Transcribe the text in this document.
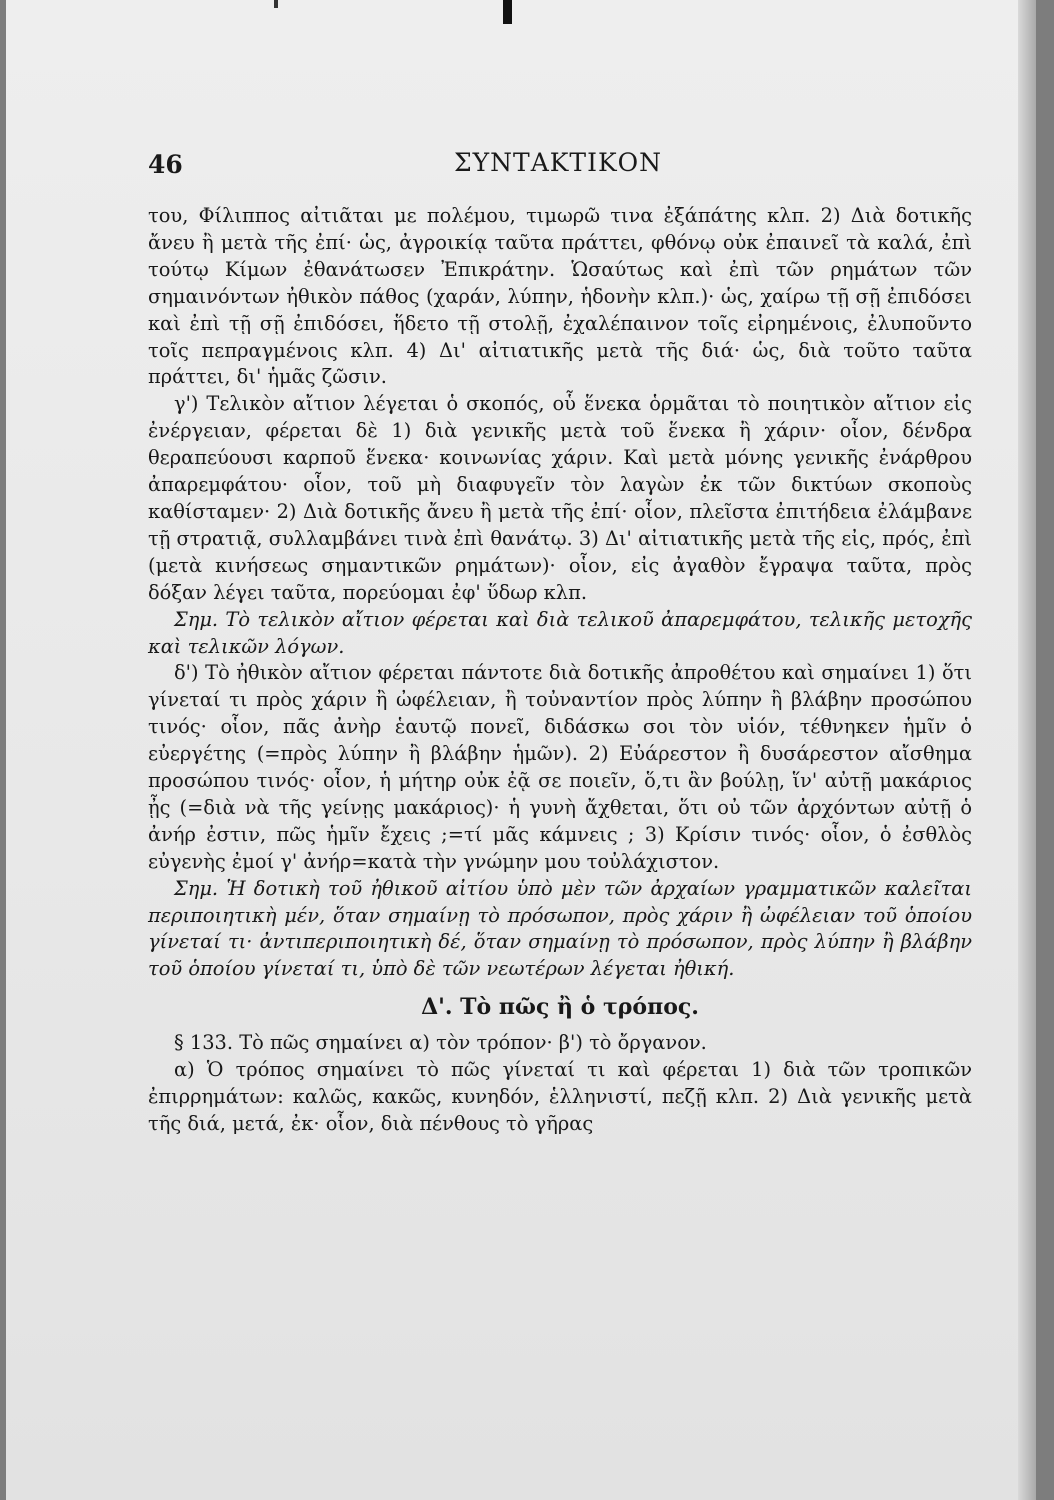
46	ΣΥΝΤΑΚΤΙΚΟΝ

του, Φίλιππος αἰτιᾶται με πολέμου, τιμωρῶ τινα ἐξάπάτης κλπ. 2) Διὰ δοτικῆς ἄνευ ἢ μετὰ τῆς ἐπί· ὡς, ἀγροικίᾳ ταῦτα πράττει, φθόνῳ οὐκ ἐπαινεῖ τὰ καλά, ἐπὶ τούτῳ Κίμων ἐθανάτωσεν Ἐπικράτην. Ὡσαύτως καὶ ἐπὶ τῶν ρημάτων τῶν σημαινόντων ἠθικὸν πάθος (χαράν, λύπην, ἡδονὴν κλπ.)· ὡς, χαίρω τῇ σῇ ἐπιδόσει καὶ ἐπὶ τῇ σῇ ἐπιδόσει, ἥδετο τῇ στολῇ, ἐχαλέπαινον τοῖς εἰρημένοις, ἐλυποῦντο τοῖς πεπραγμένοις κλπ. 4) Δι' αἰτιατικῆς μετὰ τῆς διά· ὡς, διὰ τοῦτο ταῦτα πράττει, δι' ἡμᾶς ζῶσιν.

γ') Τελικὸν αἴτιον λέγεται ὁ σκοπός, οὗ ἕνεκα ὁρμᾶται τὸ ποιητικὸν αἴτιον εἰς ἐνέργειαν, φέρεται δὲ 1) διὰ γενικῆς μετὰ τοῦ ἕνεκα ἢ χάριν· οἷον, δένδρα θεραπεύουσι καρποῦ ἕνεκα· κοινωνίας χάριν. Καὶ μετὰ μόνης γενικῆς ἐνάρθρου ἀπαρεμφάτου· οἷον, τοῦ μὴ διαφυγεῖν τὸν λαγὼν ἐκ τῶν δικτύων σκοποὺς καθίσταμεν· 2) Διὰ δοτικῆς ἄνευ ἢ μετὰ τῆς ἐπί· οἷον, πλεῖστα ἐπιτήδεια ἐλάμβανε τῇ στρατιᾷ, συλλαμβάνει τινὰ ἐπὶ θανάτῳ. 3) Δι' αἰτιατικῆς μετὰ τῆς εἰς, πρός, ἐπὶ (μετὰ κινήσεως σημαντικῶν ρημάτων)· οἷον, εἰς ἀγαθὸν ἔγραψα ταῦτα, πρὸς δόξαν λέγει ταῦτα, πορεύομαι ἐφ' ὕδωρ κλπ.

Σημ. Τὸ τελικὸν αἴτιον φέρεται καὶ διὰ τελικοῦ ἀπαρεμφάτου, τελικῆς μετοχῆς καὶ τελικῶν λόγων.

δ') Τὸ ἠθικὸν αἴτιον φέρεται πάντοτε διὰ δοτικῆς ἀπροθέτου καὶ σημαίνει 1) ὅτι γίνεταί τι πρὸς χάριν ἢ ὠφέλειαν, ἢ τοὐναντίον πρὸς λύπην ἢ βλάβην προσώπου τινός· οἷον, πᾶς ἀνὴρ ἑαυτῷ πονεῖ, διδάσκω σοι τὸν υἱόν, τέθνηκεν ἡμῖν ὁ εὐεργέτης (=πρὸς λύπην ἢ βλάβην ἡμῶν). 2) Εὐάρεστον ἢ δυσάρεστον αἴσθημα προσώπου τινός· οἷον, ἡ μήτηρ οὐκ ἐᾷ σε ποιεῖν, ὅ,τι ἂν βούλῃ, ἵν' αὐτῇ μακάριος ᾖς (=διὰ νὰ τῆς γείνῃς μακάριος)· ἡ γυνὴ ἄχθεται, ὅτι οὐ τῶν ἀρχόντων αὐτῇ ὁ ἀνήρ ἐστιν, πῶς ἡμῖν ἔχεις ;=τί μᾶς κάμνεις ; 3) Κρίσιν τινός· οἷον, ὁ ἐσθλὸς εὐγενὴς ἐμοί γ' ἀνήρ=κατὰ τὴν γνώμην μου τοὐλάχιστον.

Σημ. Ἡ δοτικὴ τοῦ ἠθικοῦ αἰτίου ὑπὸ μὲν τῶν ἀρχαίων γραμματικῶν καλεῖται περιποιητικὴ μέν, ὅταν σημαίνῃ τὸ πρόσωπον, πρὸς χάριν ἢ ὠφέλειαν τοῦ ὁποίου γίνεταί τι· ἀντιπεριποιητικὴ δέ, ὅταν σημαίνῃ τὸ πρόσωπον, πρὸς λύπην ἢ βλάβην τοῦ ὁποίου γίνεταί τι, ὑπὸ δὲ τῶν νεωτέρων λέγεται ἠθική.

Δ'. Τὸ πῶς ἢ ὁ τρόπος.

§ 133. Τὸ πῶς σημαίνει α) τὸν τρόπον· β') τὸ ὄργανον.

α) Ὁ τρόπος σημαίνει τὸ πῶς γίνεταί τι καὶ φέρεται 1) διὰ τῶν τροπικῶν ἐπιρρημάτων: καλῶς, κακῶς, κυνηδόν, ἑλληνιστί, πεζῇ κλπ. 2) Διὰ γενικῆς μετὰ τῆς διά, μετά, ἐκ· οἷον, διὰ πένθους τὸ γῆρας
